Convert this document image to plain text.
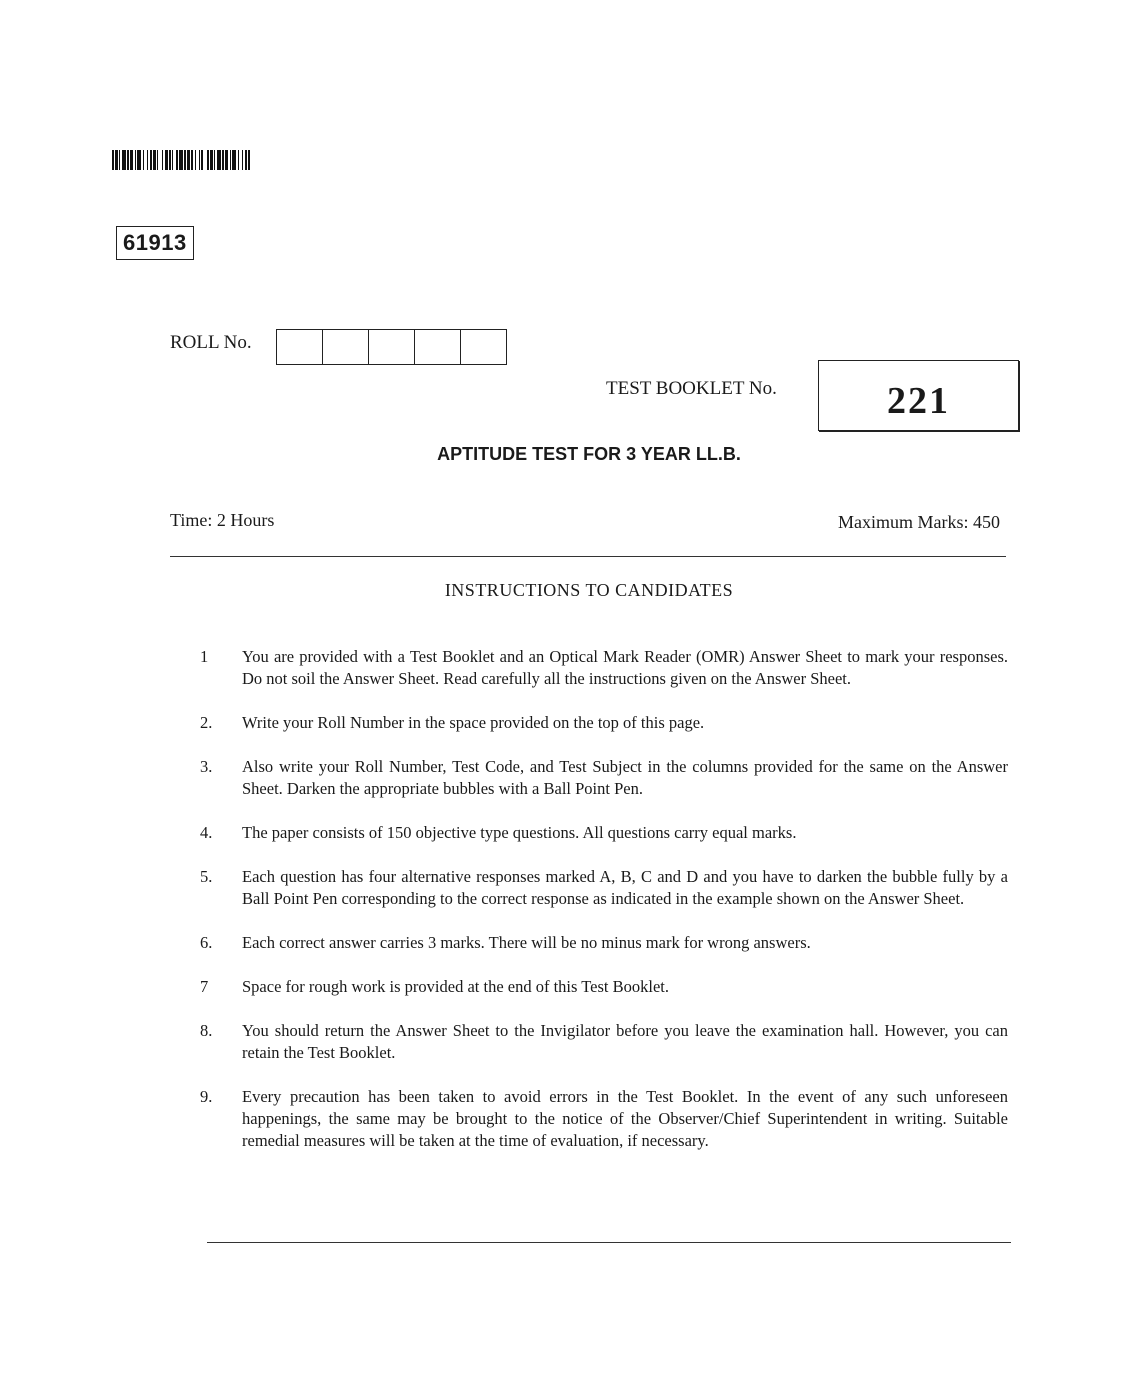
61913
ROLL No.
TEST BOOKLET No.	221
APTITUDE TEST FOR 3 YEAR LL.B.
Time: 2 Hours	Maximum Marks: 450
INSTRUCTIONS TO CANDIDATES
1	You are provided with a Test Booklet and an Optical Mark Reader (OMR) Answer Sheet to mark your responses. Do not soil the Answer Sheet. Read carefully all the instructions given on the Answer Sheet.
2.	Write your Roll Number in the space provided on the top of this page.
3.	Also write your Roll Number, Test Code, and Test Subject in the columns provided for the same on the Answer Sheet. Darken the appropriate bubbles with a Ball Point Pen.
4.	The paper consists of 150 objective type questions. All questions carry equal marks.
5.	Each question has four alternative responses marked A, B, C and D and you have to darken the bubble fully by a Ball Point Pen corresponding to the correct response as indicated in the example shown on the Answer Sheet.
6.	Each correct answer carries 3 marks. There will be no minus mark for wrong answers.
7	Space for rough work is provided at the end of this Test Booklet.
8.	You should return the Answer Sheet to the Invigilator before you leave the examination hall. However, you can retain the Test Booklet.
9.	Every precaution has been taken to avoid errors in the Test Booklet. In the event of any such unforeseen happenings, the same may be brought to the notice of the Observer/Chief Superintendent in writing. Suitable remedial measures will be taken at the time of evaluation, if necessary.
